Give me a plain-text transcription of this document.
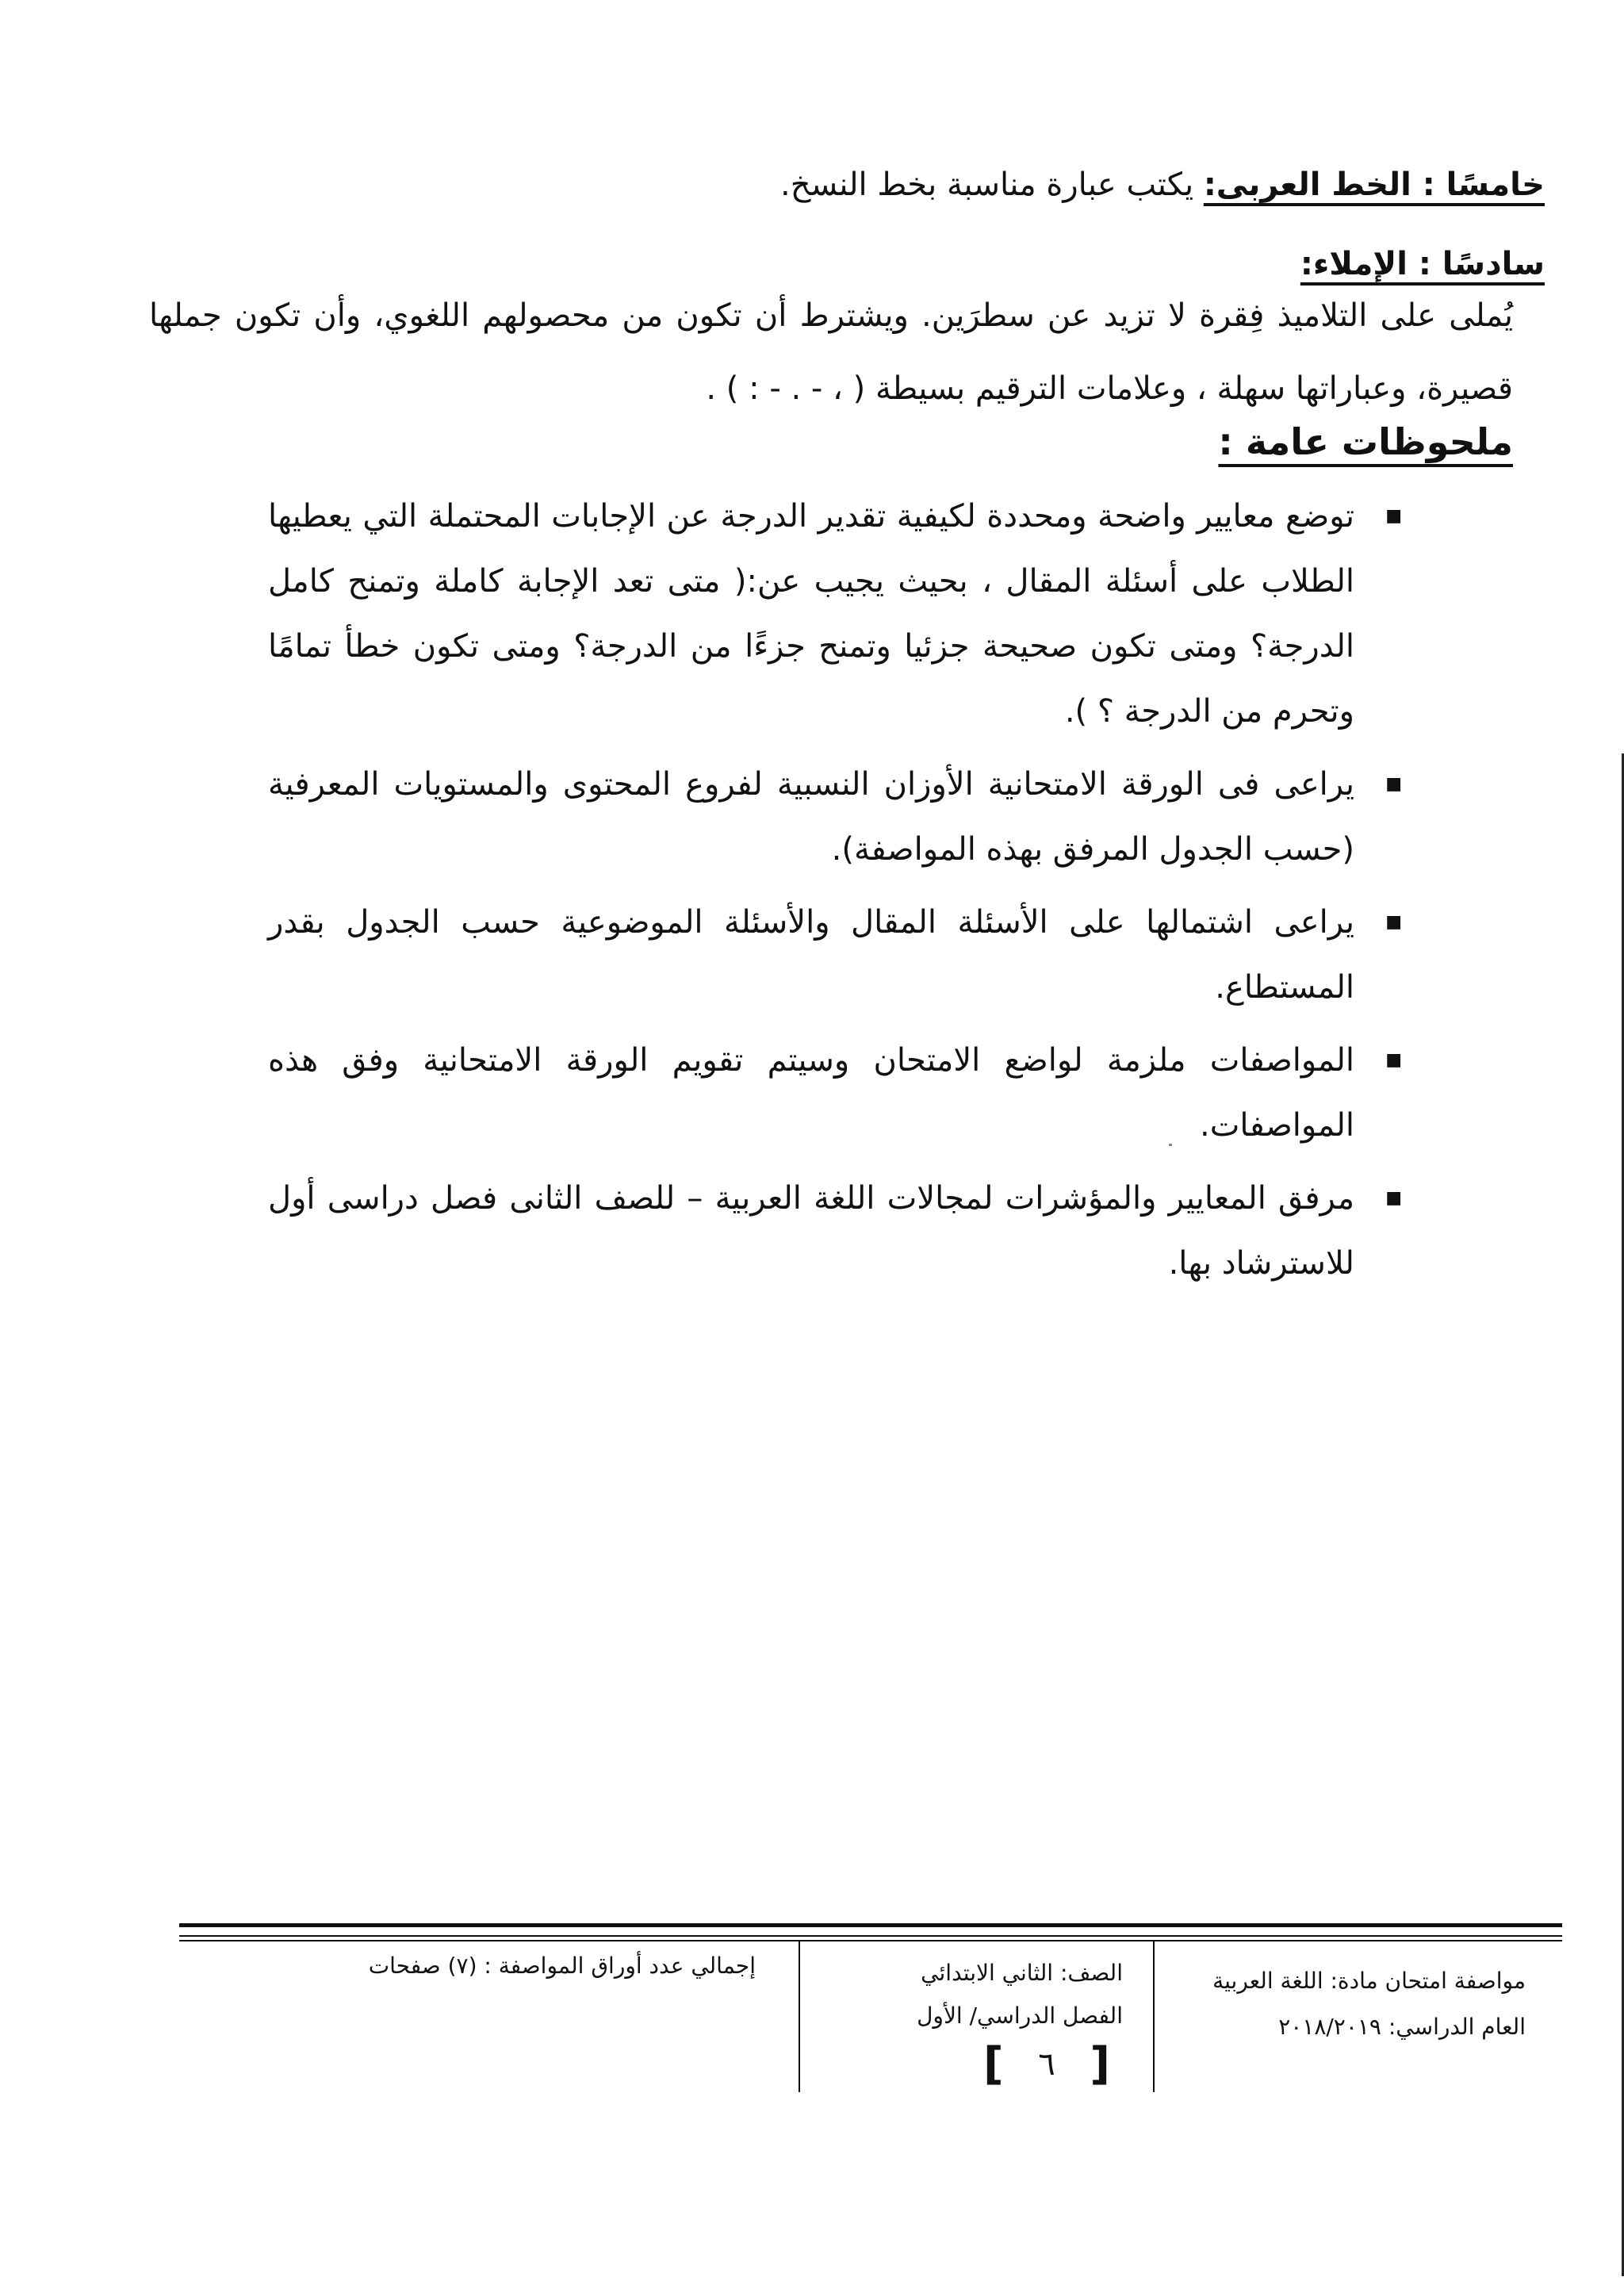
خامسًا : الخط العربى: يكتب عبارة مناسبة بخط النسخ.
سادسًا : الإملاء:

يُملى على التلاميذ فِقرة لا تزيد عن سطرَين. ويشترط أن تكون من محصولهم اللغوي، وأن تكون جملها قصيرة، وعباراتها سهلة ، وعلامات الترقيم بسيطة ( ، - . - : ) .

ملحوظات عامة :
■
توضع معايير واضحة ومحددة لكيفية تقدير الدرجة عن الإجابات المحتملة التي يعطيها الطلاب على أسئلة المقال ، بحيث يجيب عن:( متى تعد الإجابة كاملة وتمنح كامل الدرجة؟ ومتى تكون صحيحة جزئيا وتمنح جزءًا من الدرجة؟ ومتى تكون خطأ تمامًا وتحرم من الدرجة ؟ ).
■
يراعى فى الورقة الامتحانية الأوزان النسبية لفروع المحتوى والمستويات المعرفية (حسب الجدول المرفق بهذه المواصفة).
■
يراعى اشتمالها على الأسئلة المقال والأسئلة الموضوعية حسب الجدول بقدر المستطاع.
■
المواصفات ملزمة لواضع الامتحان وسيتم تقويم الورقة الامتحانية وفق هذه المواصفات.
■
مرفق المعايير والمؤشرات لمجالات اللغة العربية – للصف الثانى فصل دراسى أول للاسترشاد بها.
مواصفة امتحان مادة: اللغة العربية
العام الدراسي: ٢٠١٨/٢٠١٩
الصف: الثاني الابتدائي
الفصل الدراسي/ الأول
[	٦ ]
إجمالي عدد أوراق المواصفة : (٧) صفحات
